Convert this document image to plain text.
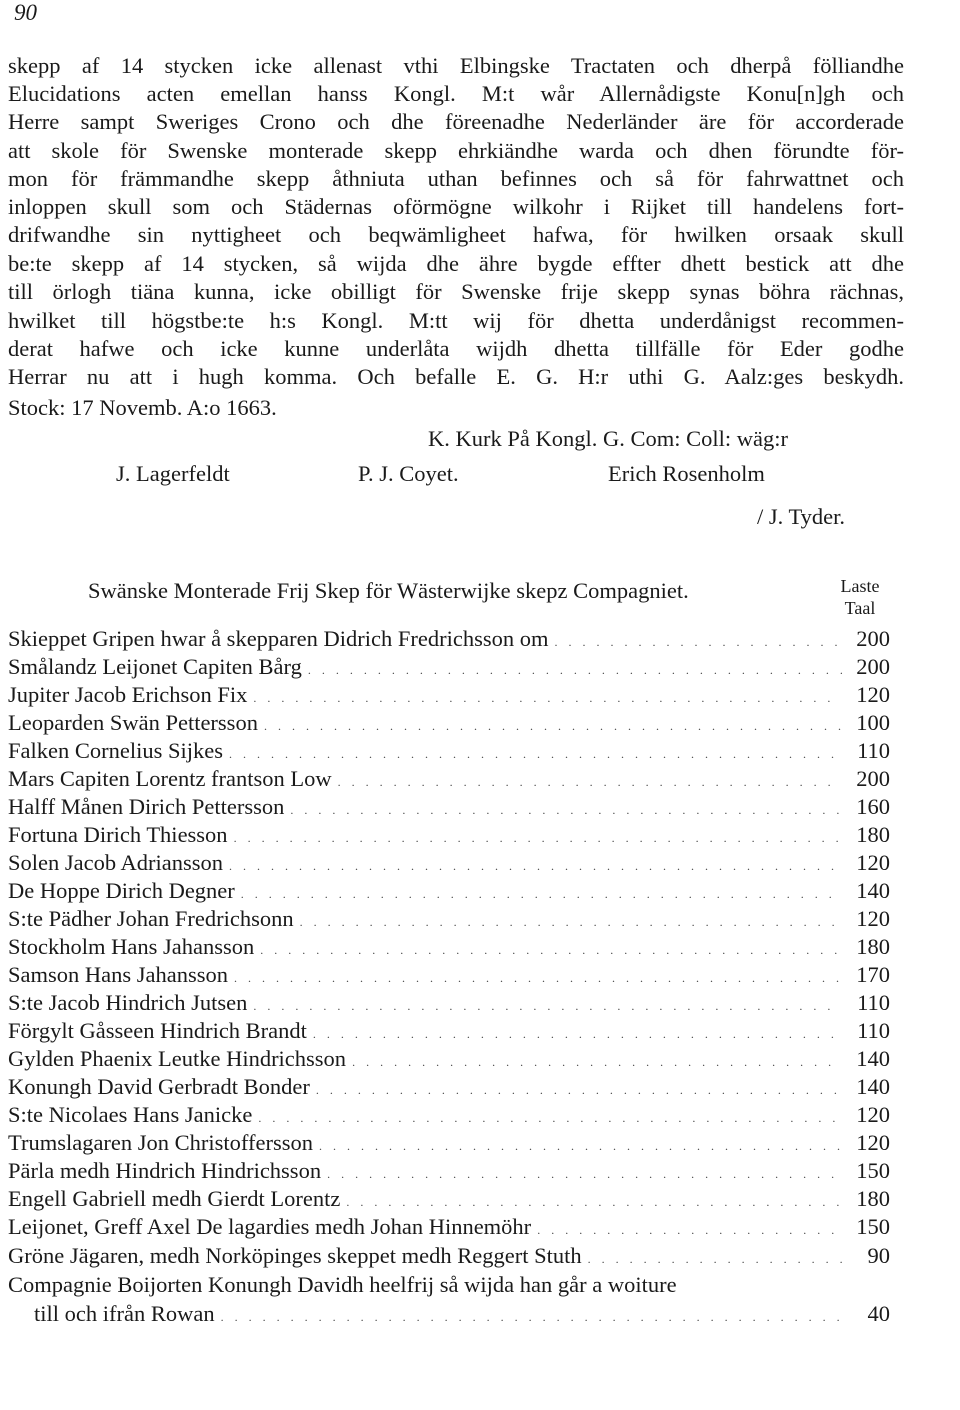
90
skepp af 14 stycken icke allenast vthi Elbingske Tractaten och dherpå fölliandhe
Elucidations acten emellan hanss Kongl. M:t wår Allernådigste Konu[n]gh och
Herre sampt Sweriges Crono och dhe föreenadhe Nederländer äre för accorderade
att skole för Swenske monterade skepp ehrkiändhe warda och dhen förundte för-
mon för främmandhe skepp åthniuta uthan befinnes och så för fahrwattnet och
inloppen skull som och Städernas oförmögne wilkohr i Rijket till handelens fort-
drifwandhe sin nyttigheet och beqwämligheet hafwa, för hwilken orsaak skull
be:te skepp af 14 stycken, så wijda dhe ähre bygde effter dhett bestick att dhe
till örlogh tiäna kunna, icke obilligt för Swenske frije skepp synas böhra rächnas,
hwilket till högstbe:te h:s Kongl. M:tt wij för dhetta underdånigst recommen-
derat hafwe och icke kunne underlåta wijdh dhetta tillfälle för Eder godhe
Herrar nu att i hugh komma. Och befalle E. G. H:r uthi G. Aalz:ges beskydh.
Stock: 17 Novemb. A:o 1663.
K. Kurk På Kongl. G. Com: Coll: wäg:r
J. Lagerfeldt	P. J. Coyet.	Erich Rosenholm
/ J. Tyder.
Swänske Monterade Frij Skep för Wästerwijke skepz Compagniet.	Laste
Taal
Skieppet Gripen hwar å skepparen Didrich Fredrichsson om . . .	200
Smålandz Leijonet Capiten Bårg . . .	200
Jupiter Jacob Erichson Fix . . .	120
Leoparden Swän Pettersson . . .	100
Falken Cornelius Sijkes . . .	110
Mars Capiten Lorentz frantson Low . . .	200
Halff Månen Dirich Pettersson . . .	160
Fortuna Dirich Thiesson . . .	180
Solen Jacob Adriansson . . .	120
De Hoppe Dirich Degner . . .	140
S:te Pädher Johan Fredrichsonn . . .	120
Stockholm Hans Jahansson . . .	180
Samson Hans Jahansson . . .	170
S:te Jacob Hindrich Jutsen . . .	110
Förgylt Gåsseen Hindrich Brandt . . .	110
Gylden Phaenix Leutke Hindrichsson . . .	140
Konungh David Gerbradt Bonder . . .	140
S:te Nicolaes Hans Janicke . . .	120
Trumslagaren Jon Christoffersson . . .	120
Pärla medh Hindrich Hindrichsson . . .	150
Engell Gabriell medh Gierdt Lorentz . . .	180
Leijonet, Greff Axel De lagardies medh Johan Hinnemöhr . . .	150
Gröne Jägaren, medh Norköpinges skeppet medh Reggert Stuth . . .	90
Compagnie Boijorten Konungh Davidh heelfrij så wijda han går a woiture
till och ifrån Rowan . . .	40
